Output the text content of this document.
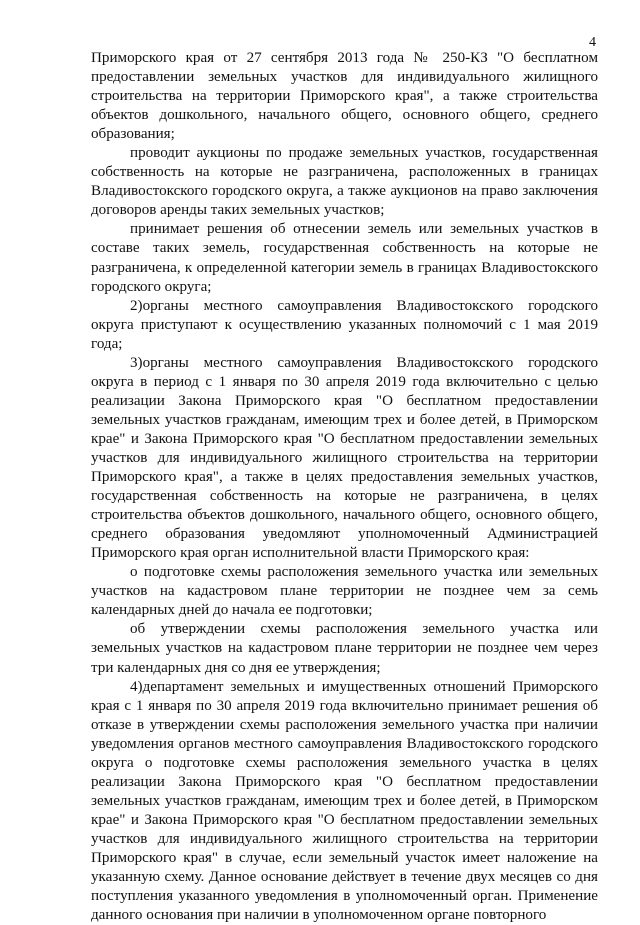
4

Приморского края от 27 сентября 2013 года № 250-КЗ "О бесплатном предоставлении земельных участков для индивидуального жилищного строительства на территории Приморского края", а также строительства объектов дошкольного, начального общего, основного общего, среднего образования;

проводит аукционы по продаже земельных участков, государственная собственность на которые не разграничена, расположенных в границах Владивостокского городского округа, а также аукционов на право заключения договоров аренды таких земельных участков;

принимает решения об отнесении земель или земельных участков в составе таких земель, государственная собственность на которые не разграничена, к определенной категории земель в границах Владивостокского городского округа;

2)органы местного самоуправления Владивостокского городского округа приступают к осуществлению указанных полномочий с 1 мая 2019 года;

3)органы местного самоуправления Владивостокского городского округа в период с 1 января по 30 апреля 2019 года включительно с целью реализации Закона Приморского края "О бесплатном предоставлении земельных участков гражданам, имеющим трех и более детей, в Приморском крае" и Закона Приморского края "О бесплатном предоставлении земельных участков для индивидуального жилищного строительства на территории Приморского края", а также в целях предоставления земельных участков, государственная собственность на которые не разграничена, в целях строительства объектов дошкольного, начального общего, основного общего, среднего образования уведомляют уполномоченный Администрацией Приморского края орган исполнительной власти Приморского края:

о подготовке схемы расположения земельного участка или земельных участков на кадастровом плане территории не позднее чем за семь календарных дней до начала ее подготовки;

об утверждении схемы расположения земельного участка или земельных участков на кадастровом плане территории не позднее чем через три календарных дня со дня ее утверждения;

4)департамент земельных и имущественных отношений Приморского края с 1 января по 30 апреля 2019 года включительно принимает решения об отказе в утверждении схемы расположения земельного участка при наличии уведомления органов местного самоуправления Владивостокского городского округа о подготовке схемы расположения земельного участка в целях реализации Закона Приморского края "О бесплатном предоставлении земельных участков гражданам, имеющим трех и более детей, в Приморском крае" и Закона Приморского края "О бесплатном предоставлении земельных участков для индивидуального жилищного строительства на территории Приморского края" в случае, если земельный участок имеет наложение на указанную схему. Данное основание действует в течение двух месяцев со дня поступления указанного уведомления в уполномоченный орган. Применение данного основания при наличии в уполномоченном органе повторного
